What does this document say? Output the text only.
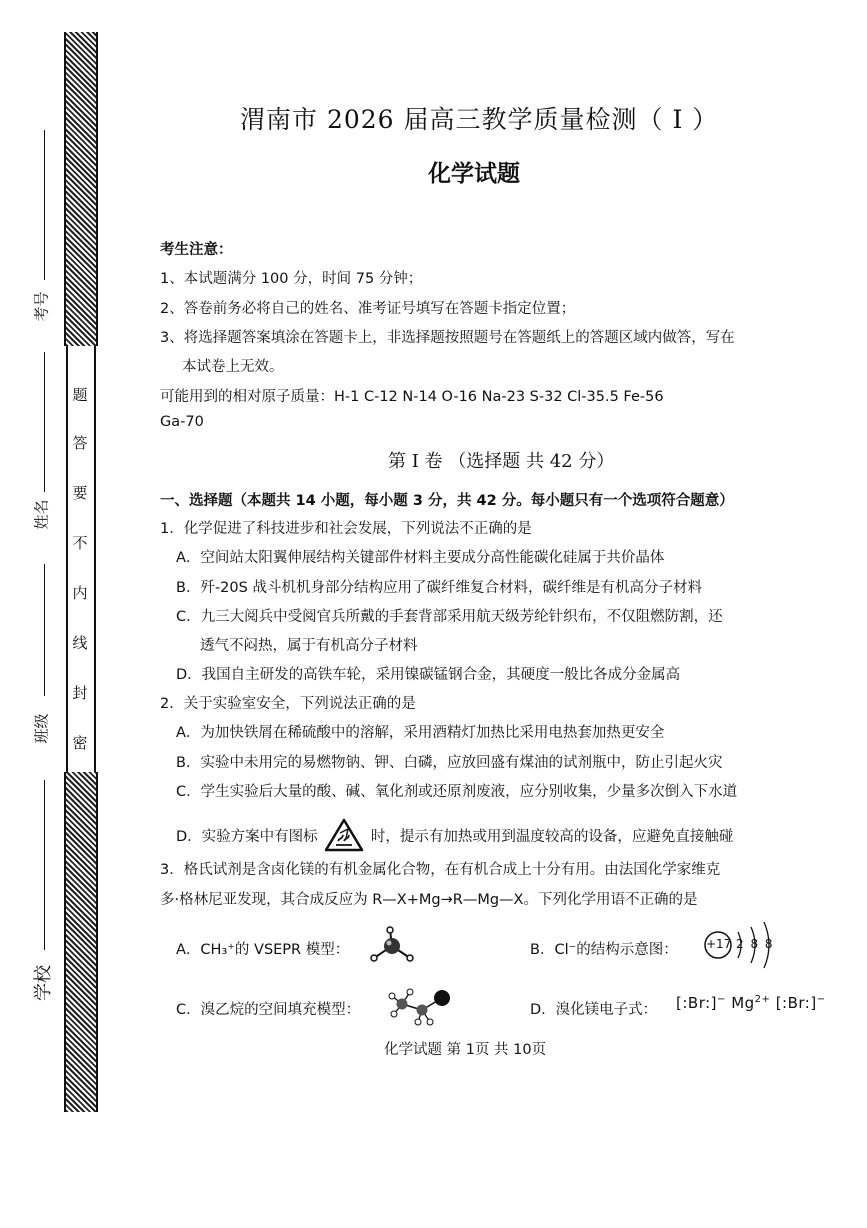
题
答
要
不
内
线
封
密
考号
姓名
班级
学校
渭南市 2026 届高三教学质量检测（ I ）
化学试题
考生注意：
1、本试题满分 100 分，时间 75 分钟；
2、答卷前务必将自己的姓名、准考证号填写在答题卡指定位置；
3、将选择题答案填涂在答题卡上，非选择题按照题号在答题纸上的答题区域内做答，写在
本试卷上无效。
可能用到的相对原子质量：H-1 C-12 N-14 O-16 Na-23 S-32 Cl-35.5 Fe-56
Ga-70
第 I 卷 （选择题 共 42 分）
一、选择题（本题共 14 小题，每小题 3 分，共 42 分。每小题只有一个选项符合题意）
1．化学促进了科技进步和社会发展，下列说法不正确的是
A．空间站太阳翼伸展结构关键部件材料主要成分高性能碳化硅属于共价晶体
B．歼-20S 战斗机机身部分结构应用了碳纤维复合材料，碳纤维是有机高分子材料
C．九三大阅兵中受阅官兵所戴的手套背部采用航天级芳纶针织布，不仅阻燃防割，还
透气不闷热，属于有机高分子材料
D．我国自主研发的高铁车轮，采用镍碳锰钢合金，其硬度一般比各成分金属高
2．关于实验室安全，下列说法正确的是
A．为加快铁屑在稀硫酸中的溶解，采用酒精灯加热比采用电热套加热更安全
B．实验中未用完的易燃物钠、钾、白磷，应放回盛有煤油的试剂瓶中，防止引起火灾
C．学生实验后大量的酸、碱、氧化剂或还原剂废液，应分别收集，少量多次倒入下水道
D．实验方案中有图标	时，提示有加热或用到温度较高的设备，应避免直接触碰
3．格氏试剂是含卤化镁的有机金属化合物，在有机合成上十分有用。由法国化学家维克
多·格林尼亚发现，其合成反应为 R—X+Mg→R—Mg—X。下列化学用语不正确的是
A．CH₃⁺的 VSEPR 模型：	B．Cl⁻的结构示意图： +17 2 8 8
C．溴乙烷的空间填充模型：	D．溴化镁电子式： [:Br:]− $Mg^{2+}$ [:Br:]−
化学试题 第 1页 共 10页
